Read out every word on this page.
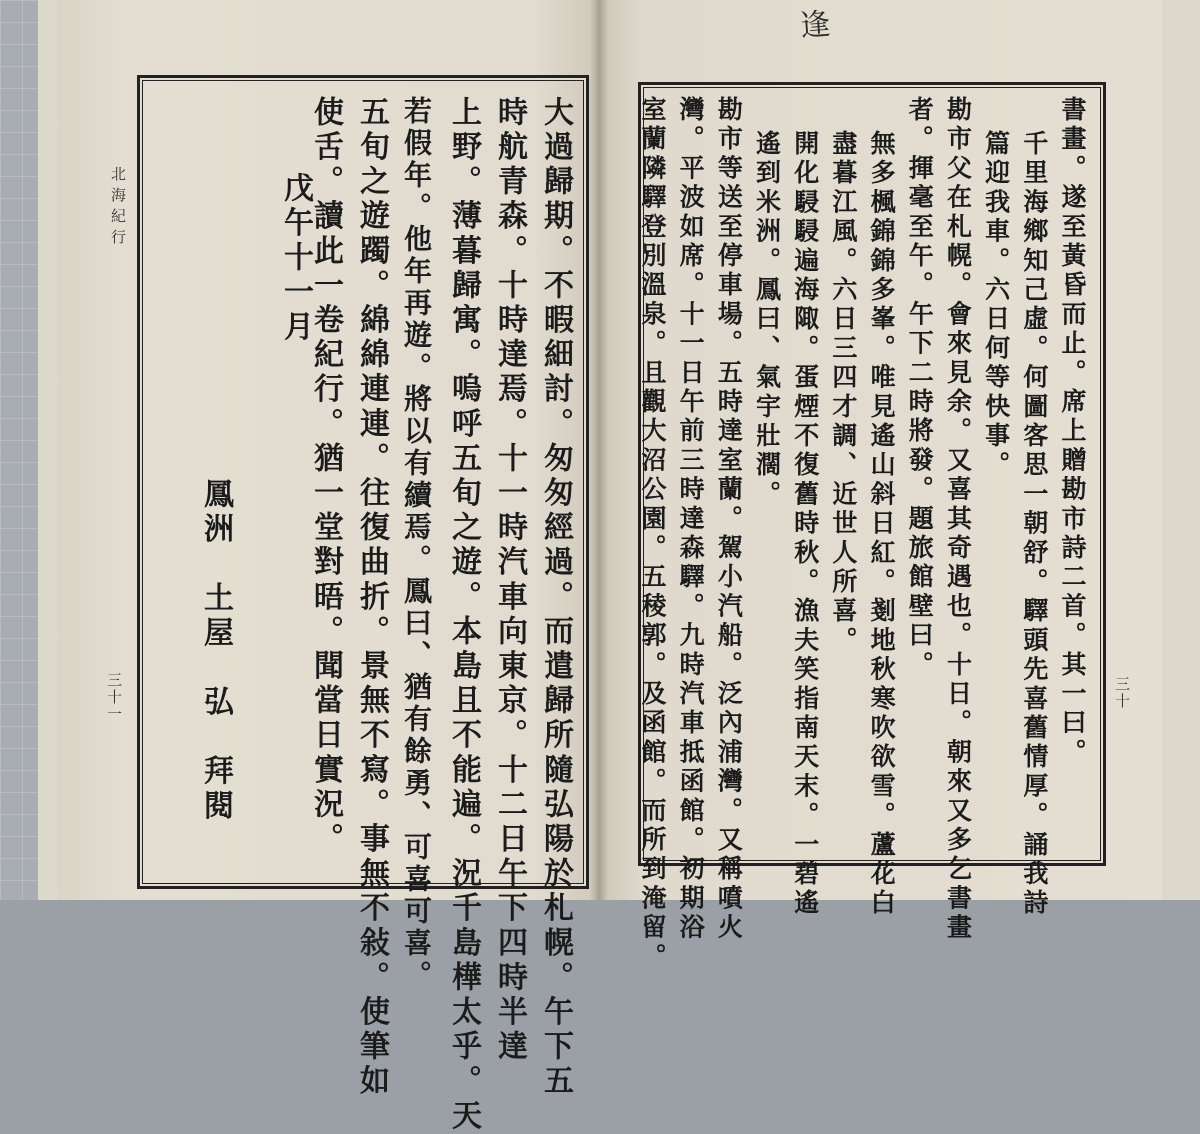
逢
北海紀行
三十一	三十
大過歸期。不暇細討。匆匆經過。而遣歸所隨弘陽於札幌。午下五
時航青森。十時達焉。十一時汽車向東京。十二日午下四時半達
上野。薄暮歸寓。嗚呼五旬之遊。本島且不能遍。況千島樺太乎。天
若假年。他年再遊。將以有續焉。鳳曰、猶有餘勇、可喜可喜。
五旬之遊躅。綿綿連連。往復曲折。景無不寫。事無不敍。使筆如
使舌。讀此一卷紀行。猶一堂對晤。聞當日實況。
戊午十一月
鳳洲　土屋　弘　拜閱	書畫。遂至黃昏而止。席上贈勘市詩二首。其一曰。
千里海鄉知己虛。何圖客思一朝舒。驛頭先喜舊情厚。誦我詩
篇迎我車。六日何等快事。
勘市父在札幌。會來見余。又喜其奇遇也。十日。朝來又多乞書畫
者。揮毫至午。午下二時將發。題旅館壁曰。
無多楓錦錦多峯。唯見遙山斜日紅。剗地秋寒吹欲雪。蘆花白
盡暮江風。六日三四才調、近世人所喜。
開化駸駸遍海陬。蛋煙不復舊時秋。漁夫笑指南天末。一碧遙
遙到米洲。鳳曰、氣宇壯濶。
勘市等送至停車場。五時達室蘭。駕小汽船。泛內浦灣。又稱噴火
灣。平波如席。十一日午前三時達森驛。九時汽車抵函館。初期浴
室蘭隣驛登別溫泉。且觀大沼公園。五稜郭。及函館。而所到淹留。
